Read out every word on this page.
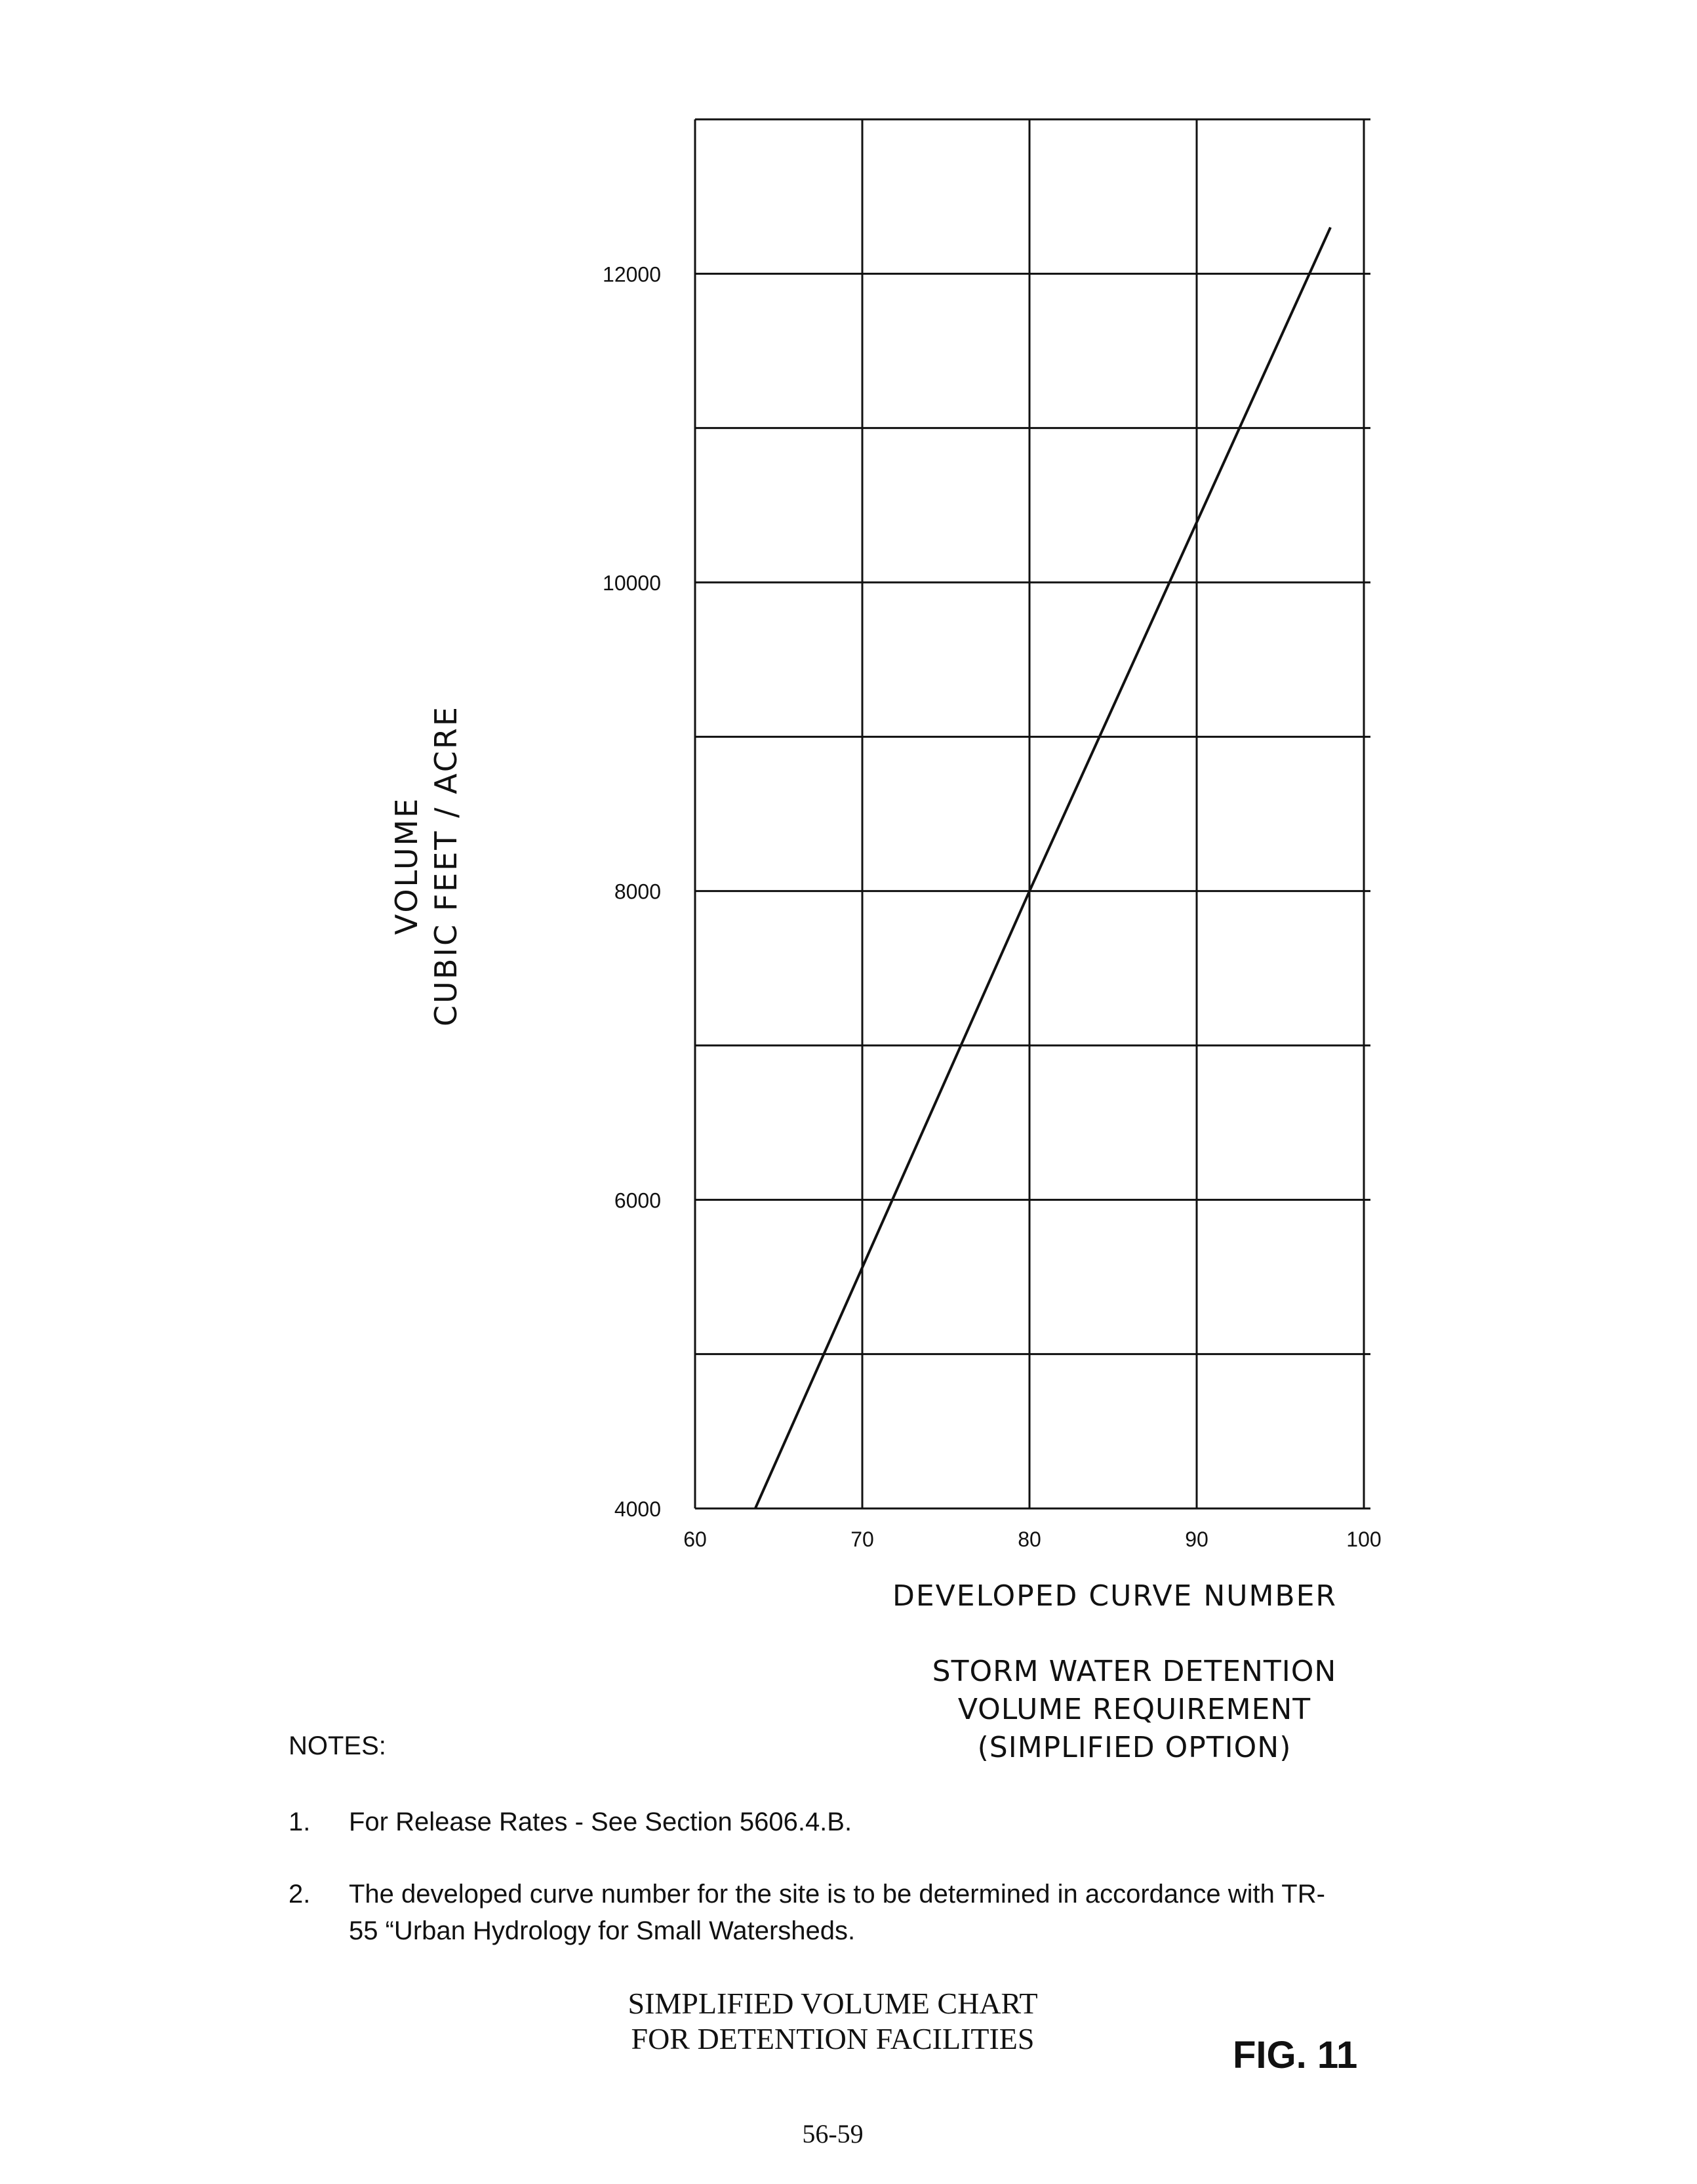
4000
6000
8000
10000
12000
60	70	80	90	100
VOLUME CUBIC FEET / ACRE
DEVELOPED CURVE NUMBER
STORM WATER DETENTION
VOLUME REQUIREMENT
(SIMPLIFIED OPTION)
NOTES:
1. For Release Rates - See Section 5606.4.B.
2. The developed curve number for the site is to be determined in accordance with TR-55 “Urban Hydrology for Small Watersheds.
SIMPLIFIED VOLUME CHART
FOR DETENTION FACILITIES	FIG. 11
56-59
